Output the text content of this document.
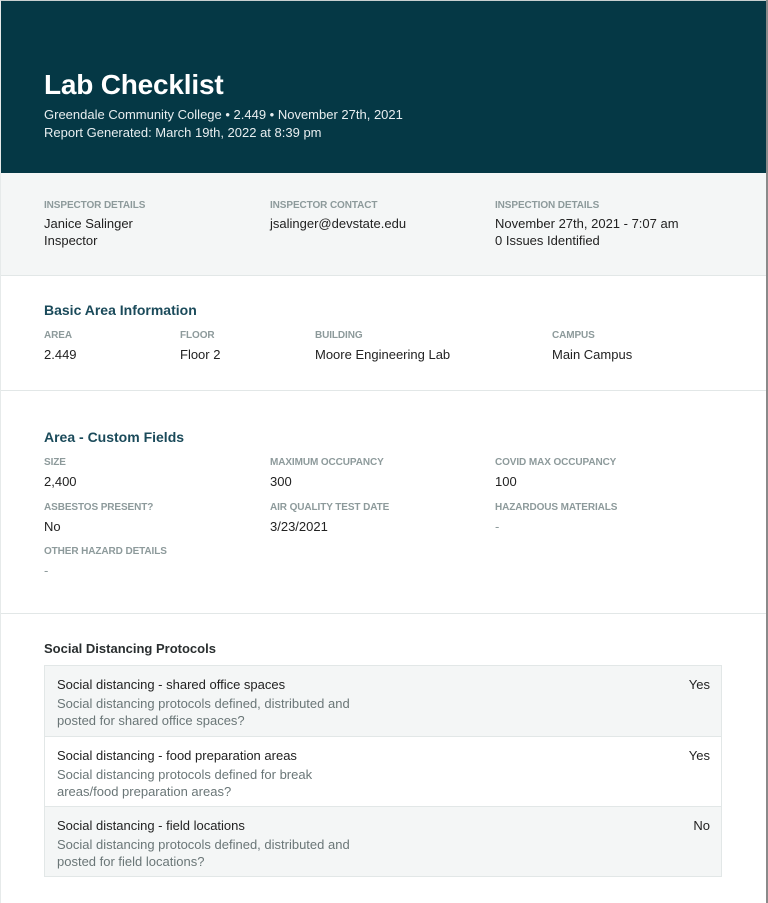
Lab Checklist
Greendale Community College • 2.449 • November 27th, 2021
Report Generated: March 19th, 2022 at 8:39 pm
INSPECTOR DETAILS
Janice Salinger
Inspector
INSPECTOR CONTACT
jsalinger@devstate.edu
INSPECTION DETAILS
November 27th, 2021 - 7:07 am
0 Issues Identified
Basic Area Information
AREA
2.449
FLOOR
Floor 2
BUILDING
Moore Engineering Lab
CAMPUS
Main Campus
Area - Custom Fields
SIZE
2,400
MAXIMUM OCCUPANCY
300
COVID MAX OCCUPANCY
100
ASBESTOS PRESENT?
No
AIR QUALITY TEST DATE
3/23/2021
HAZARDOUS MATERIALS
-
OTHER HAZARD DETAILS
-
Social Distancing Protocols
Social distancing - shared office spaces
Social distancing protocols defined, distributed and posted for shared office spaces?
Yes
Social distancing - food preparation areas
Social distancing protocols defined for break areas/food preparation areas?
Yes
Social distancing - field locations
Social distancing protocols defined, distributed and posted for field locations?
No
